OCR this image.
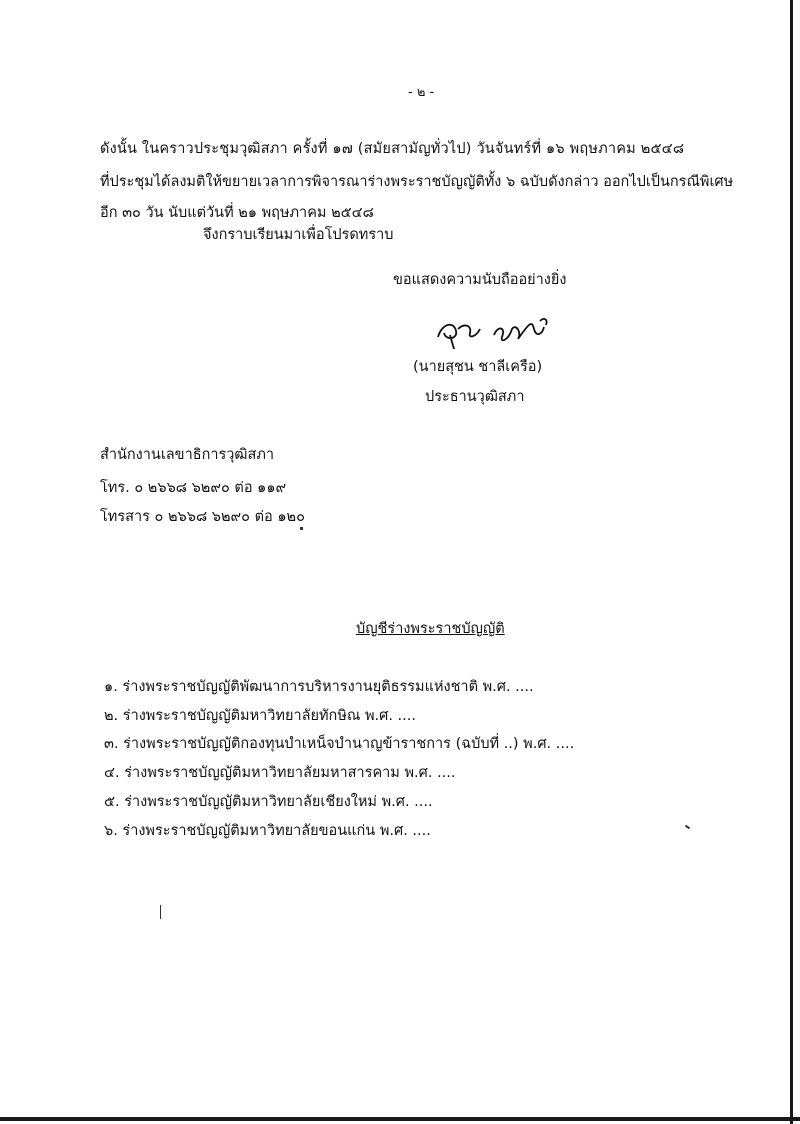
- ๒ -
ดังนั้น ในคราวประชุมวุฒิสภา ครั้งที่ ๑๗ (สมัยสามัญทั่วไป) วันจันทร์ที่ ๑๖ พฤษภาคม ๒๕๔๘
ที่ประชุมได้ลงมติให้ขยายเวลาการพิจารณาร่างพระราชบัญญัติทั้ง ๖ ฉบับดังกล่าว ออกไปเป็นกรณีพิเศษ
อีก ๓๐ วัน นับแต่วันที่ ๒๑ พฤษภาคม ๒๕๔๘
จึงกราบเรียนมาเพื่อโปรดทราบ
ขอแสดงความนับถืออย่างยิ่ง
(นายสุชน ชาลีเครือ)
ประธานวุฒิสภา
สำนักงานเลขาธิการวุฒิสภา
โทร. ๐ ๒๖๖๘ ๖๒๙๐ ต่อ ๑๑๙
โทรสาร ๐ ๒๖๖๘ ๖๒๙๐ ต่อ ๑๒๐
บัญชีร่างพระราชบัญญัติ
๑. ร่างพระราชบัญญัติพัฒนาการบริหารงานยุติธรรมแห่งชาติ พ.ศ. ....
๒. ร่างพระราชบัญญัติมหาวิทยาลัยทักษิณ พ.ศ. ....
๓. ร่างพระราชบัญญัติกองทุนบำเหน็จบำนาญข้าราชการ (ฉบับที่ ..) พ.ศ. ....
๔. ร่างพระราชบัญญัติมหาวิทยาลัยมหาสารคาม พ.ศ. ....
๕. ร่างพระราชบัญญัติมหาวิทยาลัยเชียงใหม่ พ.ศ. ....
๖. ร่างพระราชบัญญัติมหาวิทยาลัยขอนแก่น พ.ศ. ....
